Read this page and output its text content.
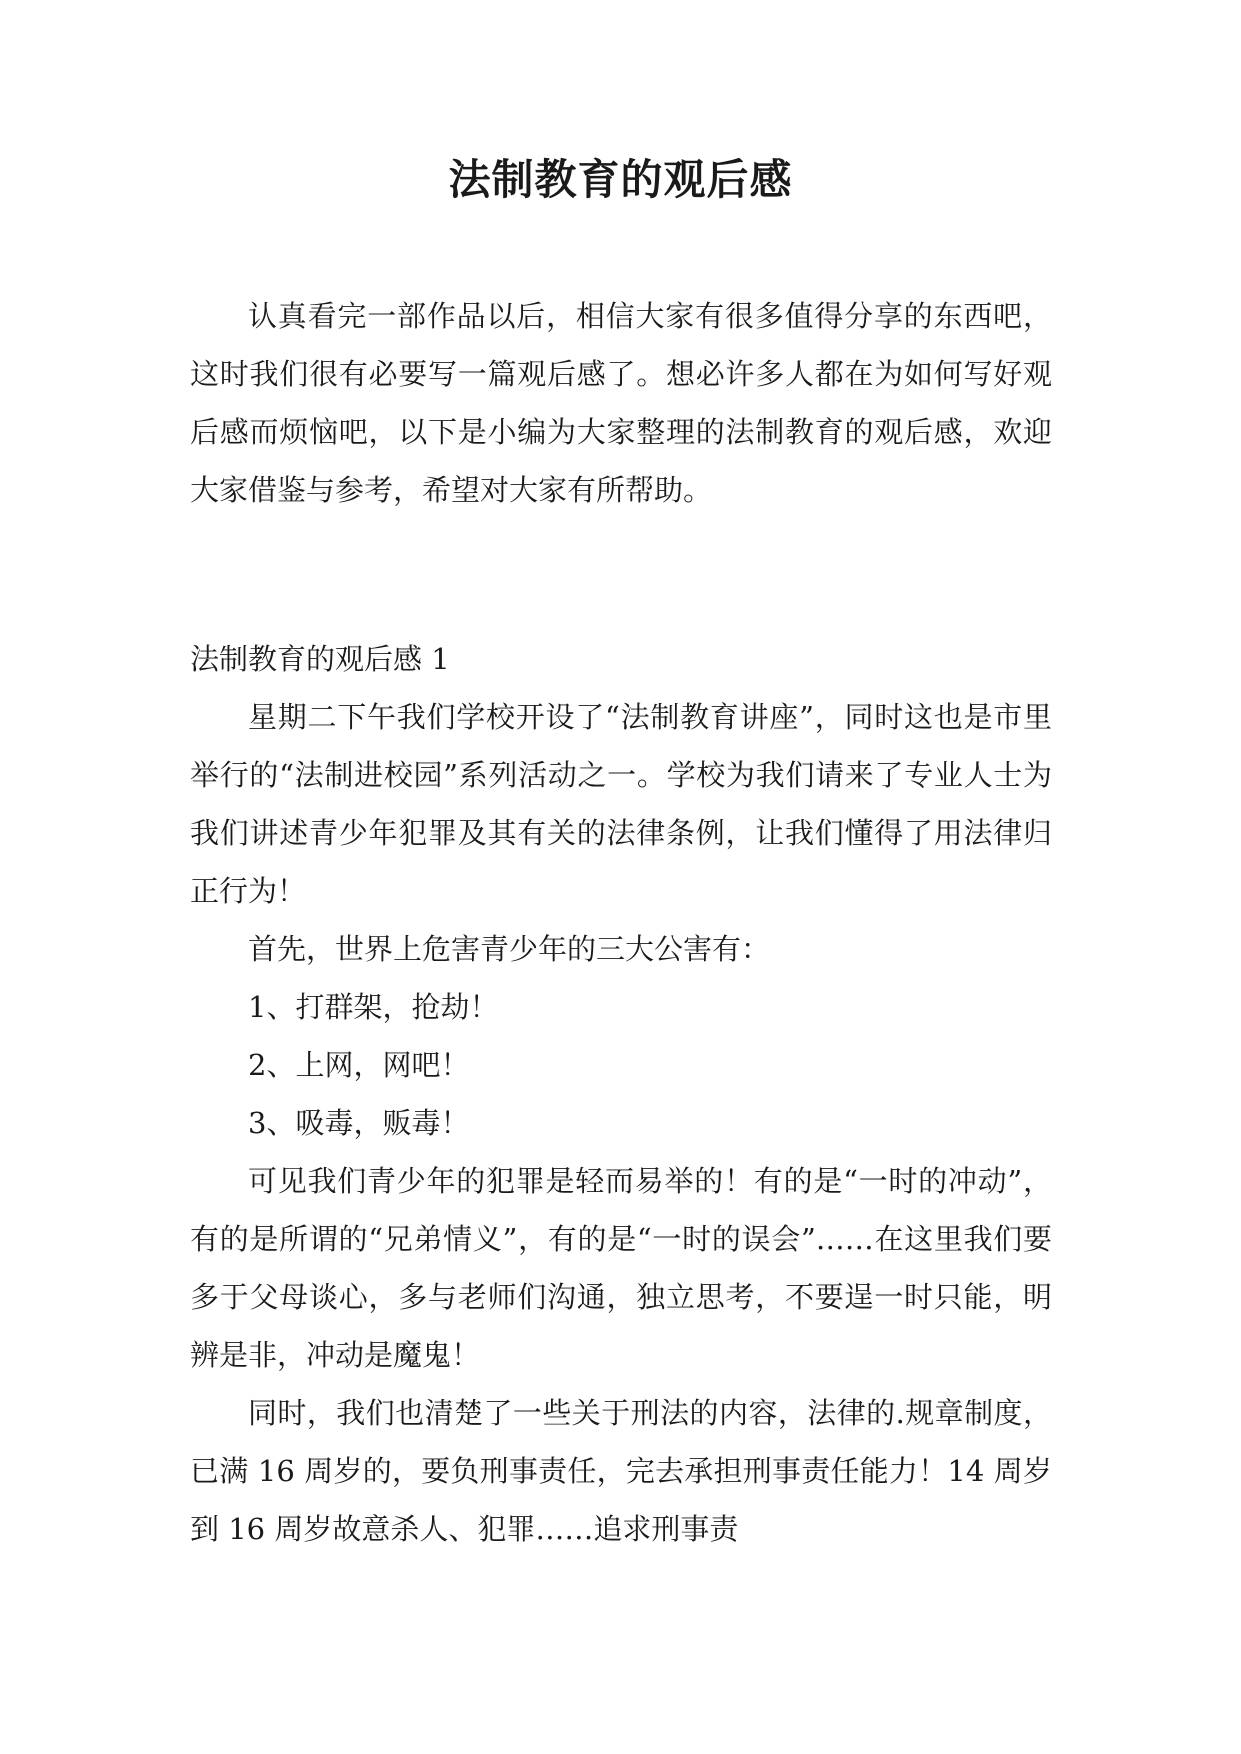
法制教育的观后感

认真看完一部作品以后，相信大家有很多值得分享的东西吧，这时我们很有必要写一篇观后感了。想必许多人都在为如何写好观后感而烦恼吧，以下是小编为大家整理的法制教育的观后感，欢迎大家借鉴与参考，希望对大家有所帮助。

法制教育的观后感 1

星期二下午我们学校开设了“法制教育讲座”，同时这也是市里举行的“法制进校园”系列活动之一。学校为我们请来了专业人士为我们讲述青少年犯罪及其有关的法律条例，让我们懂得了用法律归正行为！

首先，世界上危害青少年的三大公害有：

1、打群架，抢劫！

2、上网，网吧！

3、吸毒，贩毒！

可见我们青少年的犯罪是轻而易举的！有的是“一时的冲动”，有的是所谓的“兄弟情义”，有的是“一时的误会”……在这里我们要多于父母谈心，多与老师们沟通，独立思考，不要逞一时只能，明辨是非，冲动是魔鬼！

同时，我们也清楚了一些关于刑法的内容，法律的.规章制度，已满 16 周岁的，要负刑事责任，完去承担刑事责任能力！14 周岁到 16 周岁故意杀人、犯罪……追求刑事责
